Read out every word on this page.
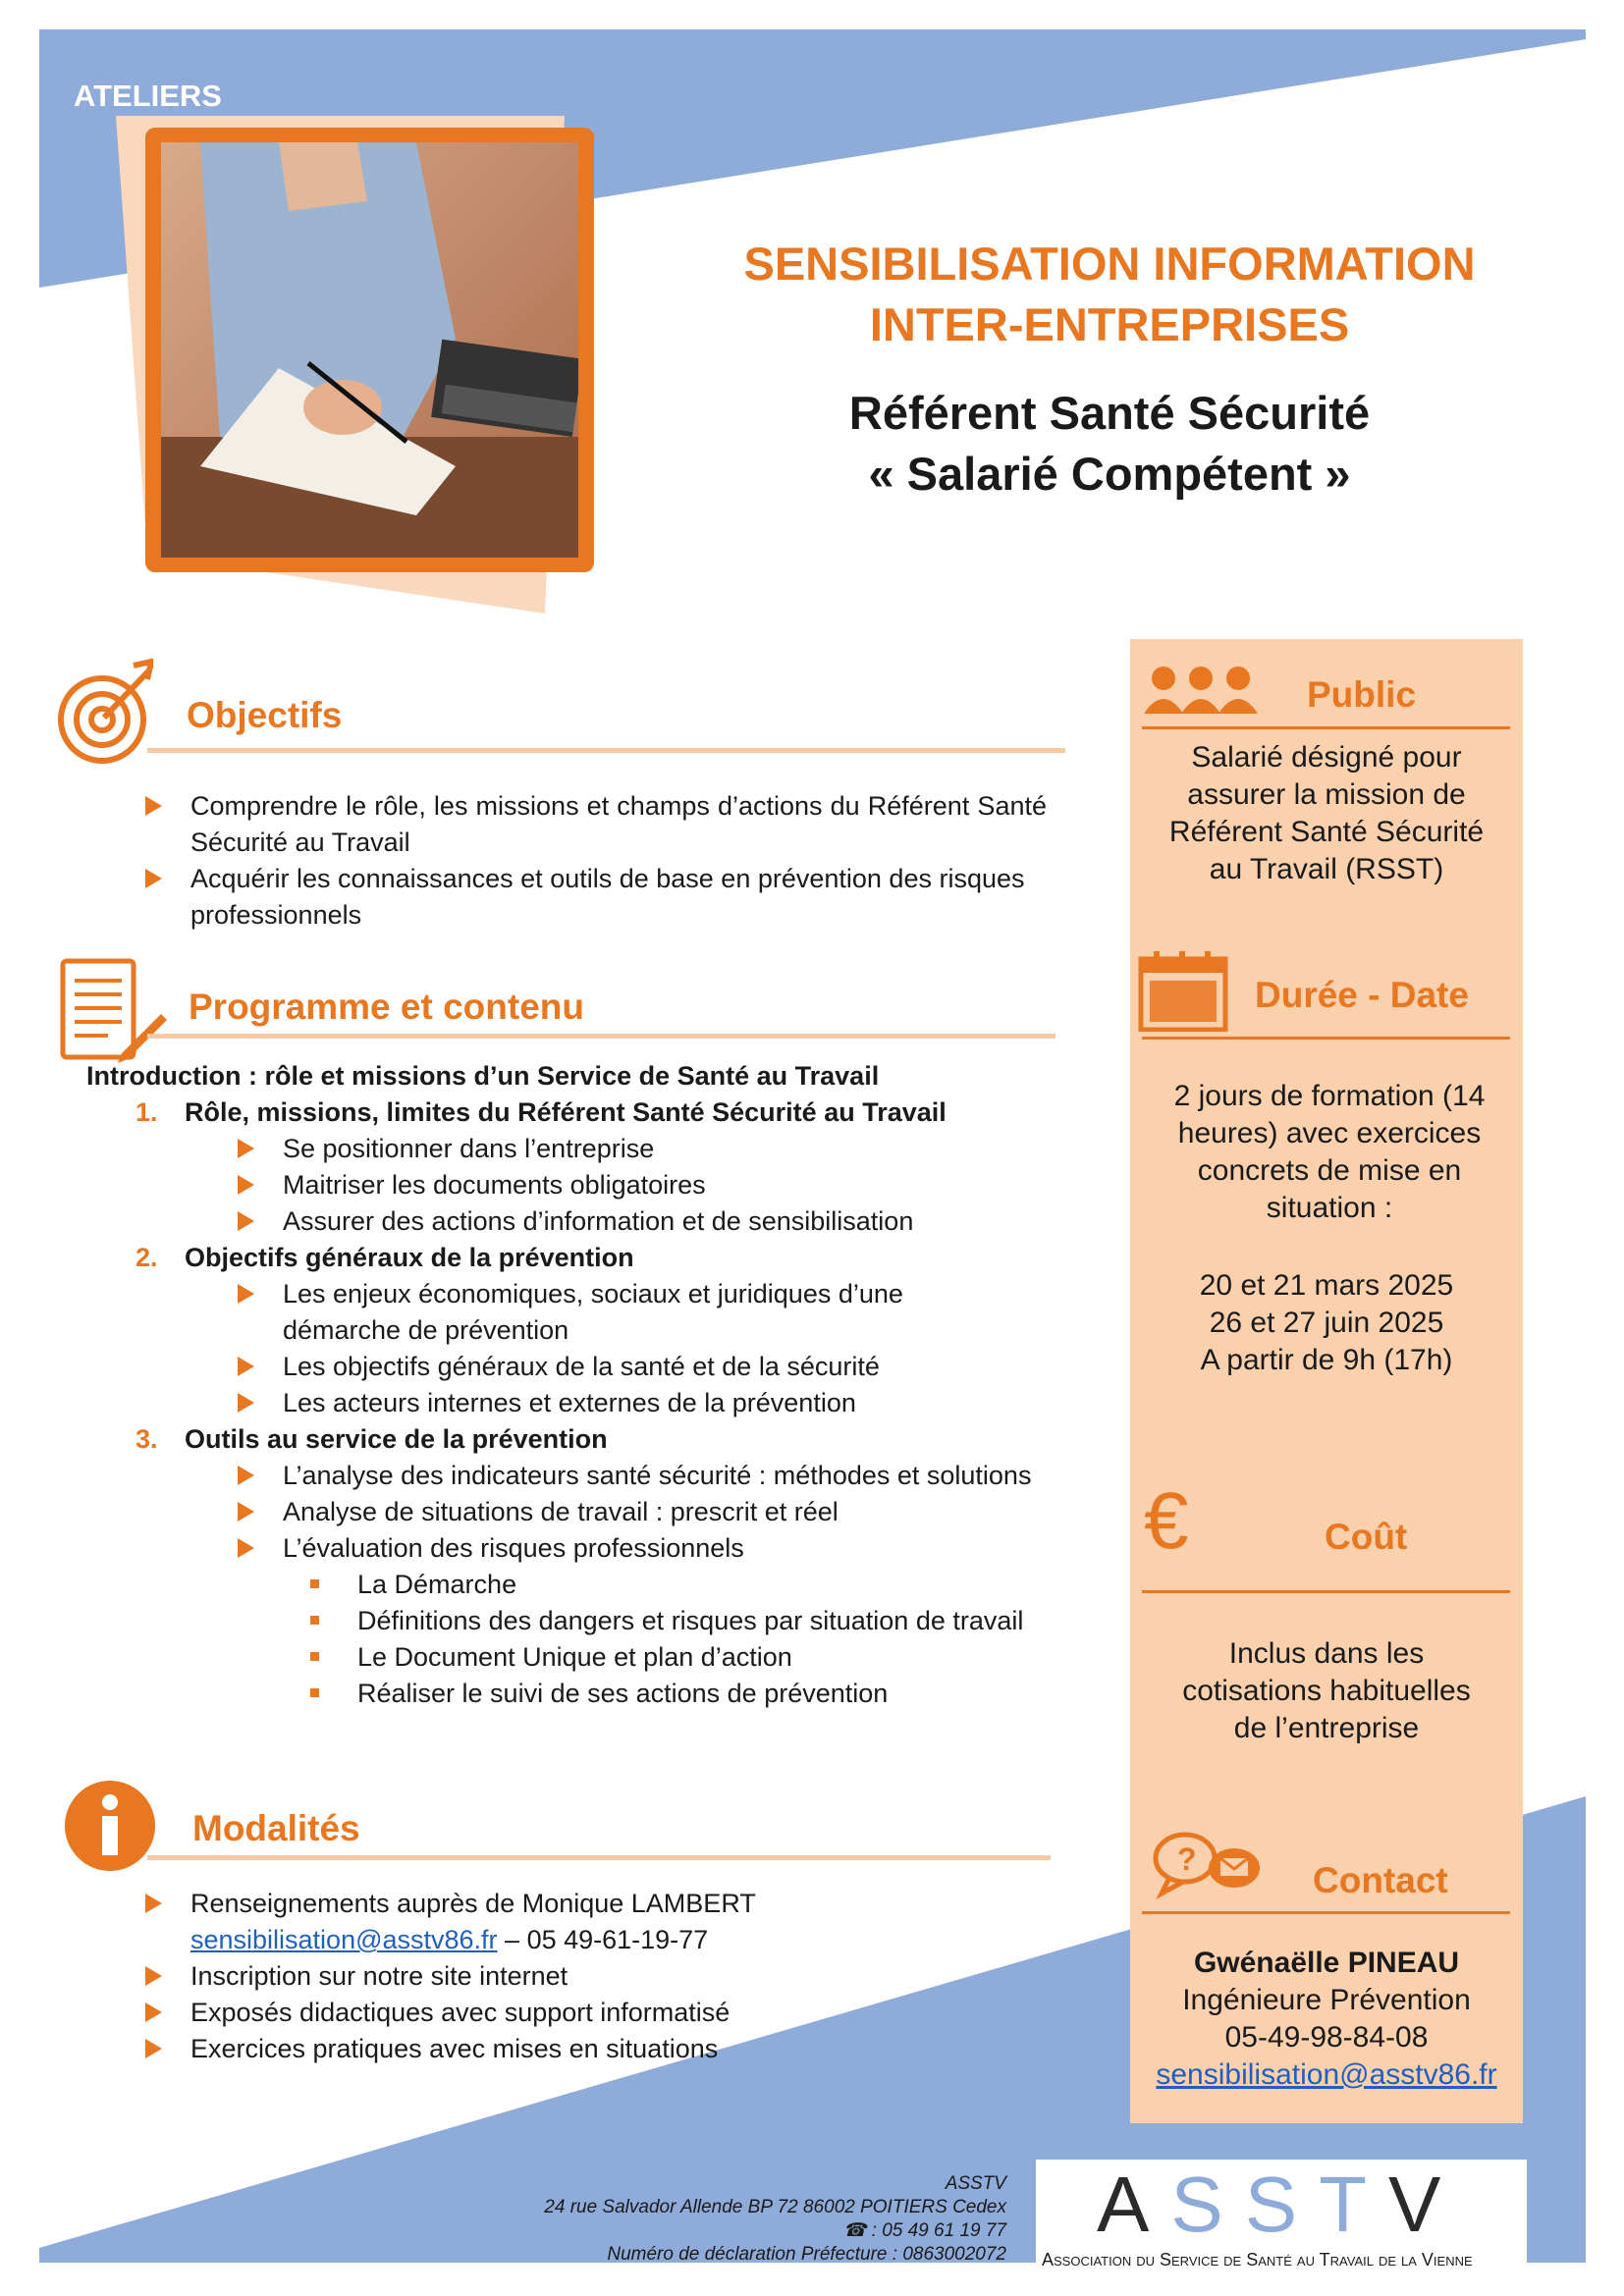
ATELIERS
SENSIBILISATION INFORMATION
INTER-ENTREPRISES
Référent Santé Sécurité
« Salarié Compétent »
Objectifs
Comprendre le rôle, les missions et champs d’actions du Référent Santé Sécurité au Travail
Acquérir les connaissances et outils de base en prévention des risques professionnels
Programme et contenu
Introduction : rôle et missions d’un Service de Santé au Travail
1. Rôle, missions, limites du Référent Santé Sécurité au Travail
Se positionner dans l’entreprise
Maitriser les documents obligatoires
Assurer des actions d’information et de sensibilisation
2. Objectifs généraux de la prévention
Les enjeux économiques, sociaux et juridiques d’une démarche de prévention
Les objectifs généraux de la santé et de la sécurité
Les acteurs internes et externes de la prévention
3. Outils au service de la prévention
L’analyse des indicateurs santé sécurité : méthodes et solutions
Analyse de situations de travail : prescrit et réel
L’évaluation des risques professionnels
La Démarche
Définitions des dangers et risques par situation de travail
Le Document Unique et plan d’action
Réaliser le suivi de ses actions de prévention
Modalités
Renseignements auprès de Monique LAMBERT
sensibilisation@asstv86.fr – 05 49-61-19-77
Inscription sur notre site internet
Exposés didactiques avec support informatisé
Exercices pratiques avec mises en situations
Public
Salarié désigné pour assurer la mission de Référent Santé Sécurité au Travail (RSST)
Durée - Date
2 jours de formation (14 heures) avec exercices concrets de mise en situation :
20 et 21 mars 2025
26 et 27 juin 2025
A partir de 9h (17h)
€	Coût
Inclus dans les cotisations habituelles de l’entreprise
?
Contact
Gwénaëlle PINEAU
Ingénieure Prévention
05-49-98-84-08
sensibilisation@asstv86.fr
ASSTV
24 rue Salvador Allende BP 72 86002 POITIERS Cedex
☎ : 05 49 61 19 77
Numéro de déclaration Préfecture : 0863002072
ASSTV
Association du Service de Santé au Travail de la Vienne
